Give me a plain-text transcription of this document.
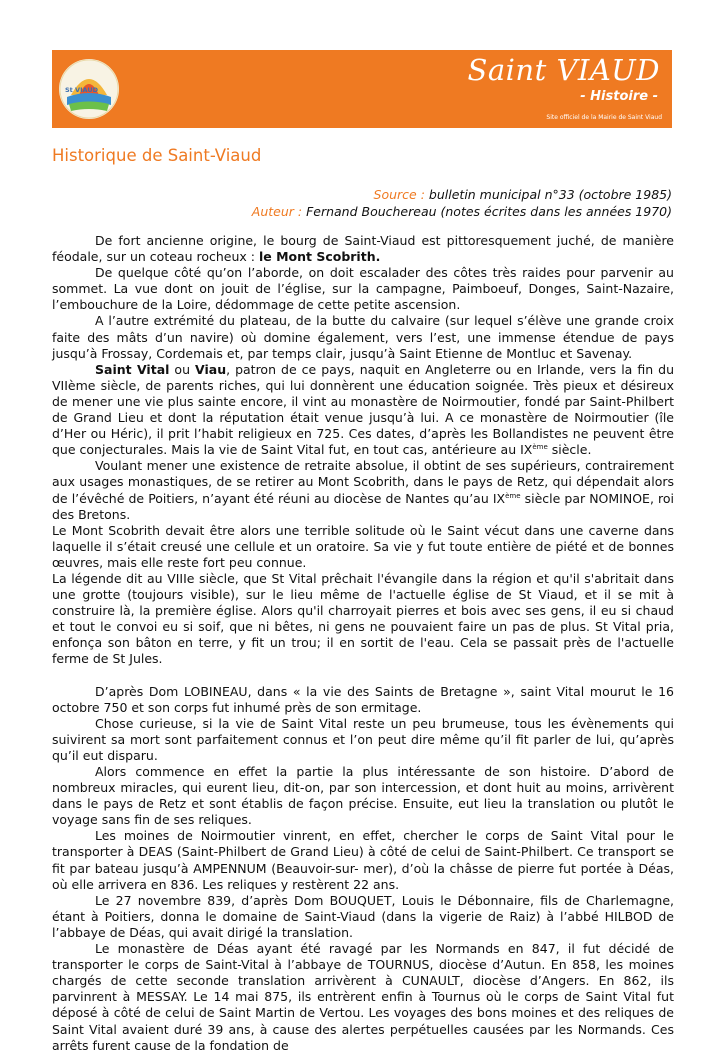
St VIAUD
Saint VIAUD
- Histoire -
Site officiel de la Mairie de Saint Viaud
Historique de Saint-Viaud
Source : bulletin municipal n°33 (octobre 1985)
Auteur : Fernand Bouchereau (notes écrites dans les années 1970)

De fort ancienne origine, le bourg de Saint-Viaud est pittoresquement juché, de manière féodale, sur un coteau rocheux : le Mont Scobrith.

De quelque côté qu’on l’aborde, on doit escalader des côtes très raides pour parvenir au sommet. La vue dont on jouit de l’église, sur la campagne, Paimboeuf, Donges, Saint-Nazaire, l’embouchure de la Loire, dédommage de cette petite ascension.

A l’autre extrémité du plateau, de la butte du calvaire (sur lequel s’élève une grande croix faite des mâts d’un navire) où domine également, vers l’est, une immense étendue de pays jusqu’à Frossay, Cordemais et, par temps clair, jusqu’à Saint Etienne de Montluc et Savenay.

Saint Vital ou Viau, patron de ce pays, naquit en Angleterre ou en Irlande, vers la fin du VIIème siècle, de parents riches, qui lui donnèrent une éducation soignée. Très pieux et désireux de mener une vie plus sainte encore, il vint au monastère de Noirmoutier, fondé par Saint-Philbert de Grand Lieu et dont la réputation était venue jusqu’à lui. A ce monastère de Noirmoutier (île d’Her ou Héric), il prit l’habit religieux en 725. Ces dates, d’après les Bollandistes ne peuvent être que conjecturales. Mais la vie de Saint Vital fut, en tout cas, antérieure au IXème siècle.

Voulant mener une existence de retraite absolue, il obtint de ses supérieurs, contrairement aux usages monastiques, de se retirer au Mont Scobrith, dans le pays de Retz, qui dépendait alors de l’évêché de Poitiers, n’ayant été réuni au diocèse de Nantes qu’au IXème siècle par NOMINOE, roi des Bretons.

Le Mont Scobrith devait être alors une terrible solitude où le Saint vécut dans une caverne dans laquelle il s’était creusé une cellule et un oratoire. Sa vie y fut toute entière de piété et de bonnes œuvres, mais elle reste fort peu connue.

La légende dit au VIIIe siècle, que St Vital prêchait l'évangile dans la région et qu'il s'abritait dans une grotte (toujours visible), sur le lieu même de l'actuelle église de St Viaud, et il se mit à construire là, la première église. Alors qu'il charroyait pierres et bois avec ses gens, il eu si chaud et tout le convoi eu si soif, que ni bêtes, ni gens ne pouvaient faire un pas de plus. St Vital pria, enfonça son bâton en terre, y fit un trou; il en sortit de l'eau. Cela se passait près de l'actuelle ferme de St Jules.

D’après Dom LOBINEAU, dans « la vie des Saints de Bretagne », saint Vital mourut le 16 octobre 750 et son corps fut inhumé près de son ermitage.

Chose curieuse, si la vie de Saint Vital reste un peu brumeuse, tous les évènements qui suivirent sa mort sont parfaitement connus et l’on peut dire même qu’il fit parler de lui, qu’après qu’il eut disparu.

Alors commence en effet la partie la plus intéressante de son histoire. D’abord de nombreux miracles, qui eurent lieu, dit-on, par son intercession, et dont huit au moins, arrivèrent dans le pays de Retz et sont établis de façon précise. Ensuite, eut lieu la translation ou plutôt le voyage sans fin de ses reliques.

Les moines de Noirmoutier vinrent, en effet, chercher le corps de Saint Vital pour le transporter à DEAS (Saint-Philbert de Grand Lieu) à côté de celui de Saint-Philbert. Ce transport se fit par bateau jusqu’à AMPENNUM (Beauvoir-sur- mer), d’où la châsse de pierre fut portée à Déas, où elle arrivera en 836. Les reliques y restèrent 22 ans.

Le 27 novembre 839, d’après Dom BOUQUET, Louis le Débonnaire, fils de Charlemagne, étant à Poitiers, donna le domaine de Saint-Viaud (dans la vigerie de Raiz) à l’abbé HILBOD de l’abbaye de Déas, qui avait dirigé la translation.

Le monastère de Déas ayant été ravagé par les Normands en 847, il fut décidé de transporter le corps de Saint-Vital à l’abbaye de TOURNUS, diocèse d’Autun. En 858, les moines chargés de cette seconde translation arrivèrent à CUNAULT, diocèse d’Angers. En 862, ils parvinrent à MESSAY. Le 14 mai 875, ils entrèrent enfin à Tournus où le corps de Saint Vital fut déposé à côté de celui de Saint Martin de Vertou. Les voyages des bons moines et des reliques de Saint Vital avaient duré 39 ans, à cause des alertes perpétuelles causées par les Normands. Ces arrêts furent cause de la fondation de
